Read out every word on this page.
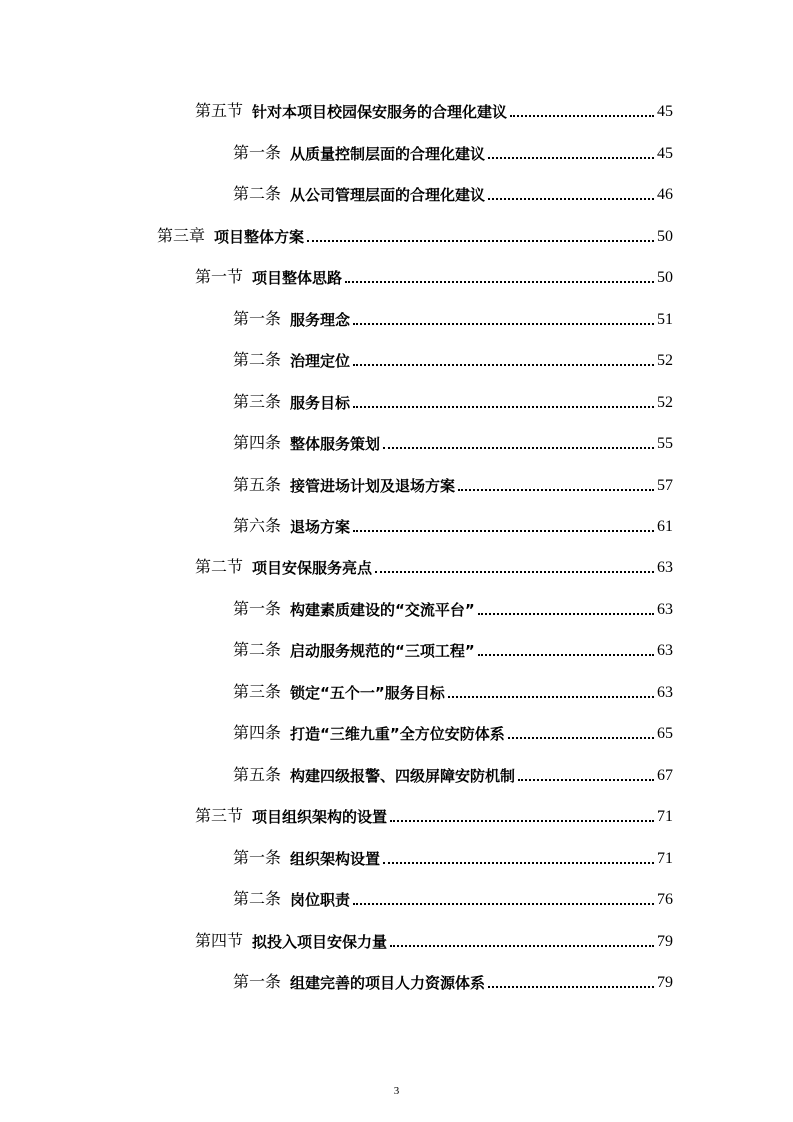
第五节 针对本项目校园保安服务的合理化建议	45
第一条 从质量控制层面的合理化建议	45
第二条 从公司管理层面的合理化建议	46
第三章 项目整体方案	50
第一节 项目整体思路	50
第一条 服务理念	51
第二条 治理定位	52
第三条 服务目标	52
第四条 整体服务策划	55
第五条 接管进场计划及退场方案	57
第六条 退场方案	61
第二节 项目安保服务亮点	63
第一条 构建素质建设的“交流平台”	63
第二条 启动服务规范的“三项工程”	63
第三条 锁定“五个一”服务目标	63
第四条 打造“三维九重”全方位安防体系	65
第五条 构建四级报警、四级屏障安防机制	67
第三节 项目组织架构的设置	71
第一条 组织架构设置	71
第二条 岗位职责	76
第四节 拟投入项目安保力量	79
第一条 组建完善的项目人力资源体系	79
3
